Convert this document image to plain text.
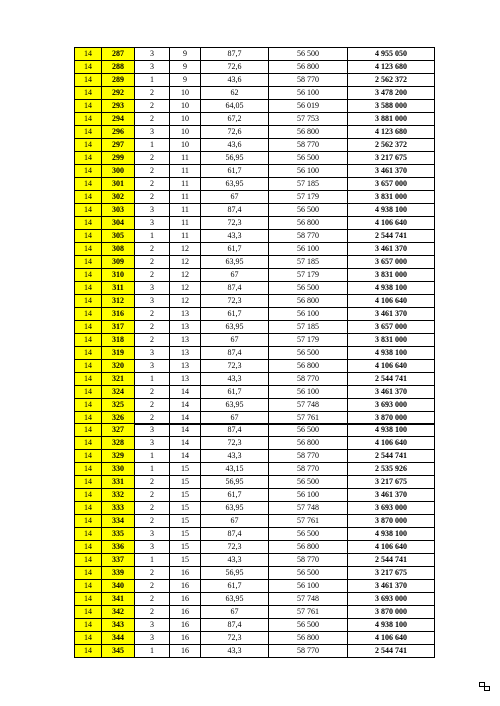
14	287	3	9	87,7	56 500	4 955 050
14	288	3	9	72,6	56 800	4 123 680
14	289	1	9	43,6	58 770	2 562 372
14	292	2	10	62	56 100	3 478 200
14	293	2	10	64,05	56 019	3 588 000
14	294	2	10	67,2	57 753	3 881 000
14	296	3	10	72,6	56 800	4 123 680
14	297	1	10	43,6	58 770	2 562 372
14	299	2	11	56,95	56 500	3 217 675
14	300	2	11	61,7	56 100	3 461 370
14	301	2	11	63,95	57 185	3 657 000
14	302	2	11	67	57 179	3 831 000
14	303	3	11	87,4	56 500	4 938 100
14	304	3	11	72,3	56 800	4 106 640
14	305	1	11	43,3	58 770	2 544 741
14	308	2	12	61,7	56 100	3 461 370
14	309	2	12	63,95	57 185	3 657 000
14	310	2	12	67	57 179	3 831 000
14	311	3	12	87,4	56 500	4 938 100
14	312	3	12	72,3	56 800	4 106 640
14	316	2	13	61,7	56 100	3 461 370
14	317	2	13	63,95	57 185	3 657 000
14	318	2	13	67	57 179	3 831 000
14	319	3	13	87,4	56 500	4 938 100
14	320	3	13	72,3	56 800	4 106 640
14	321	1	13	43,3	58 770	2 544 741
14	324	2	14	61,7	56 100	3 461 370
14	325	2	14	63,95	57 748	3 693 000
14	326	2	14	67	57 761	3 870 000
14	327	3	14	87,4	56 500	4 938 100
14	328	3	14	72,3	56 800	4 106 640
14	329	1	14	43,3	58 770	2 544 741
14	330	1	15	43,15	58 770	2 535 926
14	331	2	15	56,95	56 500	3 217 675
14	332	2	15	61,7	56 100	3 461 370
14	333	2	15	63,95	57 748	3 693 000
14	334	2	15	67	57 761	3 870 000
14	335	3	15	87,4	56 500	4 938 100
14	336	3	15	72,3	56 800	4 106 640
14	337	1	15	43,3	58 770	2 544 741
14	339	2	16	56,95	56 500	3 217 675
14	340	2	16	61,7	56 100	3 461 370
14	341	2	16	63,95	57 748	3 693 000
14	342	2	16	67	57 761	3 870 000
14	343	3	16	87,4	56 500	4 938 100
14	344	3	16	72,3	56 800	4 106 640
14	345	1	16	43,3	58 770	2 544 741
